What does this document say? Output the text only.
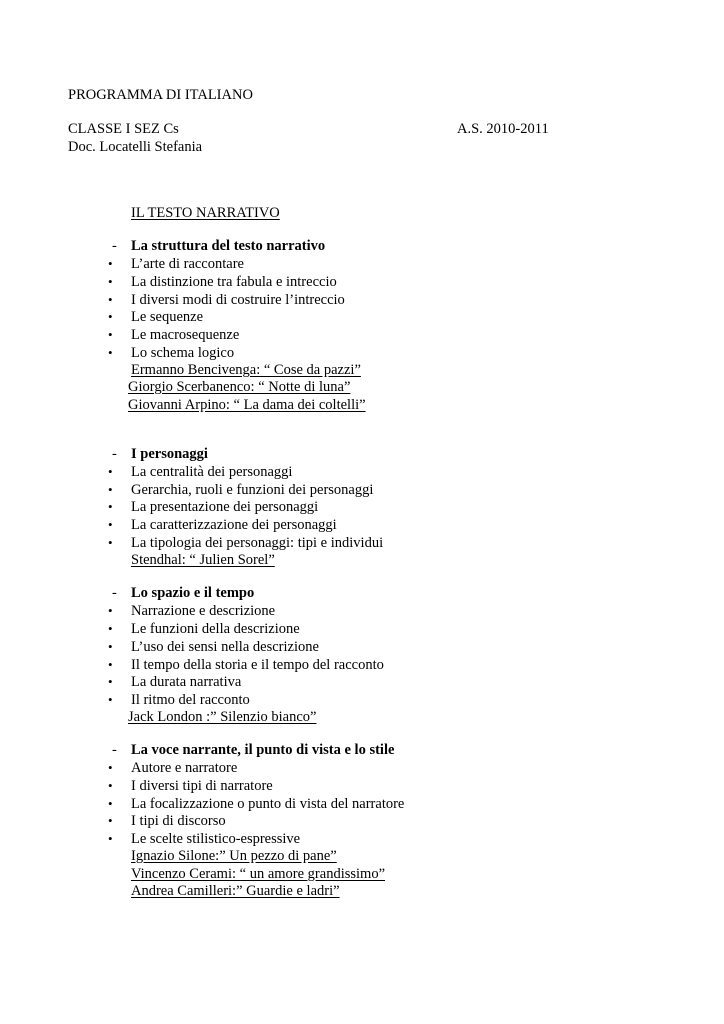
PROGRAMMA DI ITALIANO
CLASSE I SEZ Cs	A.S. 2010-2011
Doc. Locatelli Stefania
IL TESTO NARRATIVO
- La struttura del testo narrativo
•	L’arte di raccontare
•	La distinzione tra fabula e intreccio
•	I diversi modi di costruire l’intreccio
•	Le sequenze
•	Le macrosequenze
•	Lo schema logico
Ermanno Bencivenga: “ Cose da pazzi”
Giorgio Scerbanenco: “ Notte di luna”
Giovanni Arpino: “ La dama dei coltelli”
- I personaggi
•	La centralità dei personaggi
•	Gerarchia, ruoli e funzioni dei personaggi
•	La presentazione dei personaggi
•	La caratterizzazione dei personaggi
•	La tipologia dei personaggi: tipi e individui
Stendhal: “ Julien Sorel”
- Lo spazio e il tempo
•	Narrazione e descrizione
•	Le funzioni della descrizione
•	L’uso dei sensi nella descrizione
•	Il tempo della storia e il tempo del racconto
•	La durata narrativa
•	Il ritmo del racconto
Jack London :” Silenzio bianco”
- La voce narrante, il punto di vista e lo stile
•	Autore e narratore
•	I diversi tipi di narratore
•	La focalizzazione o punto di vista del narratore
•	I tipi di discorso
•	Le scelte stilistico-espressive
Ignazio Silone:” Un pezzo di pane”
Vincenzo Cerami: “ un amore grandissimo”
Andrea Camilleri:” Guardie e ladri”
